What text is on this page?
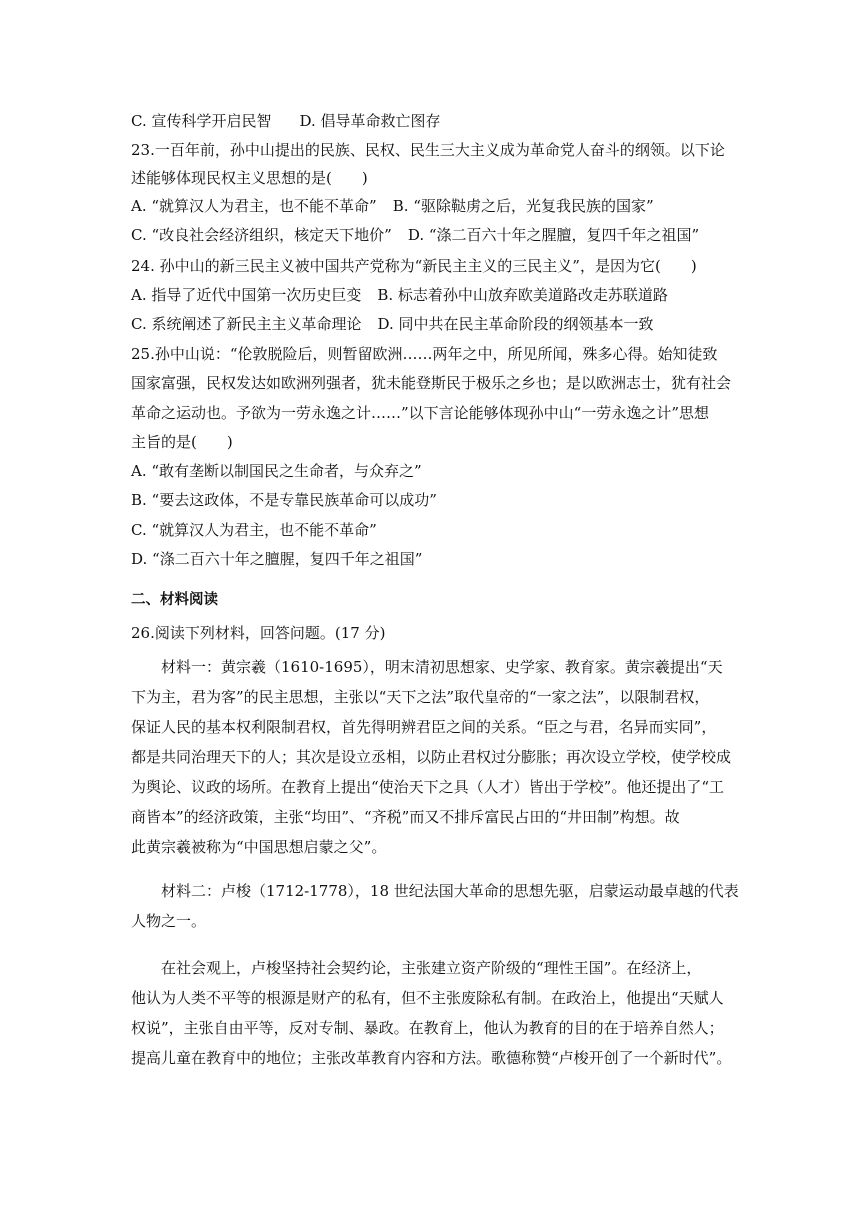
C. 宣传科学开启民智 D. 倡导革命救亡图存
23.一百年前，孙中山提出的民族、民权、民生三大主义成为革命党人奋斗的纲领。以下论
述能够体现民权主义思想的是(　　)
A. “就算汉人为君主，也不能不革命” B. “驱除鞑虏之后，光复我民族的国家”
C. “改良社会经济组织，核定天下地价” D. “涤二百六十年之腥膻，复四千年之祖国”
24. 孙中山的新三民主义被中国共产党称为“新民主主义的三民主义”，是因为它(　　)
A. 指导了近代中国第一次历史巨变 B. 标志着孙中山放弃欧美道路改走苏联道路
C. 系统阐述了新民主主义革命理论 D. 同中共在民主革命阶段的纲领基本一致
25.孙中山说：“伦敦脱险后，则暂留欧洲……两年之中，所见所闻，殊多心得。始知徒致
国家富强，民权发达如欧洲列强者，犹未能登斯民于极乐之乡也；是以欧洲志士，犹有社会
革命之运动也。予欲为一劳永逸之计……”以下言论能够体现孙中山“一劳永逸之计”思想
主旨的是(　　)
A. “敢有垄断以制国民之生命者，与众弃之”
B. “要去这政体，不是专靠民族革命可以成功”
C. “就算汉人为君主，也不能不革命”
D. “涤二百六十年之膻腥，复四千年之祖国”
二、材料阅读
26.阅读下列材料，回答问题。(17 分)
材料一：黄宗羲（1610-1695），明末清初思想家、史学家、教育家。黄宗羲提出“天
下为主，君为客”的民主思想，主张以“天下之法”取代皇帝的“一家之法”，以限制君权，
保证人民的基本权利限制君权，首先得明辨君臣之间的关系。“臣之与君，名异而实同”，
都是共同治理天下的人；其次是设立丞相，以防止君权过分膨胀；再次设立学校，使学校成
为舆论、议政的场所。在教育上提出“使治天下之具（人才）皆出于学校”。他还提出了“工
商皆本”的经济政策，主张“均田”、“齐税”而又不排斥富民占田的“井田制”构想。故
此黄宗羲被称为“中国思想启蒙之父”。
材料二：卢梭（1712-1778），18 世纪法国大革命的思想先驱，启蒙运动最卓越的代表
人物之一。
在社会观上，卢梭坚持社会契约论，主张建立资产阶级的“理性王国”。在经济上，
他认为人类不平等的根源是财产的私有，但不主张废除私有制。在政治上，他提出“天赋人
权说”，主张自由平等，反对专制、暴政。在教育上，他认为教育的目的在于培养自然人；
提高儿童在教育中的地位；主张改革教育内容和方法。歌德称赞“卢梭开创了一个新时代”。
